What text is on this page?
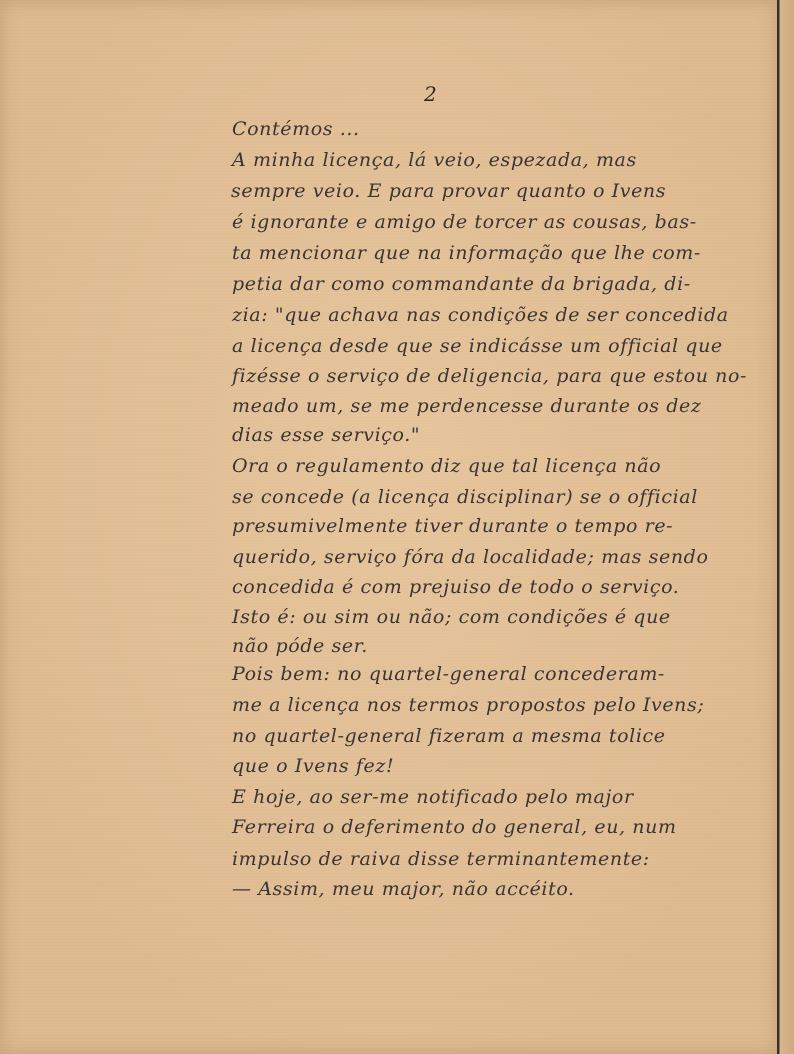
2
Contémos ...
A minha licença, lá veio, espezada, mas
sempre veio. E para provar quanto o Ivens
é ignorante e amigo de torcer as cousas, bas-
ta mencionar que na informação que lhe com-
petia dar como commandante da brigada, di-
zia: "que achava nas condições de ser concedida
a licença desde que se indicásse um official que
fizésse o serviço de deligencia, para que estou no-
meado um, se me perdencesse durante os dez
dias esse serviço."
Ora o regulamento diz que tal licença não
se concede (a licença disciplinar) se o official
presumivelmente tiver durante o tempo re-
querido, serviço fóra da localidade; mas sendo
concedida é com prejuiso de todo o serviço.
Isto é: ou sim ou não; com condições é que
não póde ser.
Pois bem: no quartel-general concederam-
me a licença nos termos propostos pelo Ivens;
no quartel-general fizeram a mesma tolice
que o Ivens fez!
E hoje, ao ser-me notificado pelo major
Ferreira o deferimento do general, eu, num
impulso de raiva disse terminantemente:
— Assim, meu major, não accéito.
